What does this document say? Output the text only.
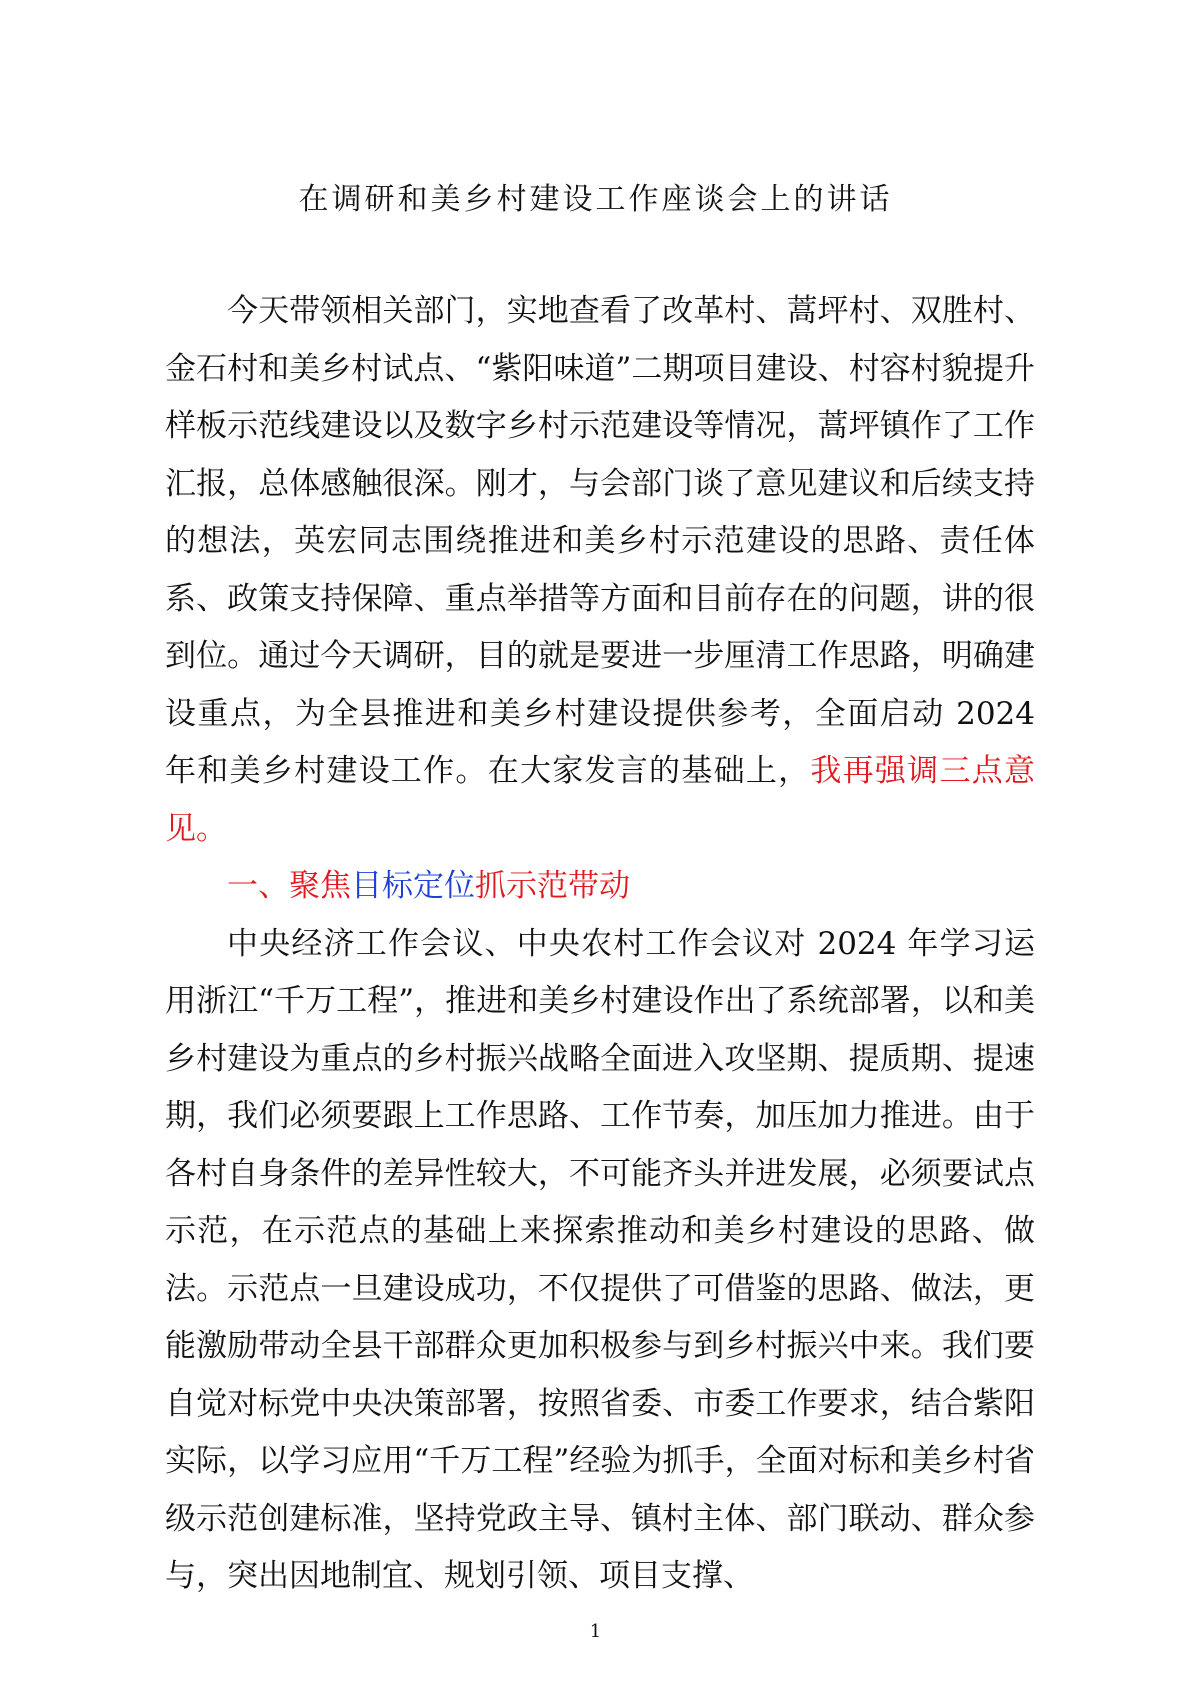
在调研和美乡村建设工作座谈会上的讲话

今天带领相关部门，实地查看了改革村、蒿坪村、双胜村、金石村和美乡村试点、“紫阳味道”二期项目建设、村容村貌提升样板示范线建设以及数字乡村示范建设等情况，蒿坪镇作了工作汇报，总体感触很深。刚才，与会部门谈了意见建议和后续支持的想法，英宏同志围绕推进和美乡村示范建设的思路、责任体系、政策支持保障、重点举措等方面和目前存在的问题，讲的很到位。通过今天调研，目的就是要进一步厘清工作思路，明确建设重点，为全县推进和美乡村建设提供参考，全面启动 2024 年和美乡村建设工作。在大家发言的基础上，我再强调三点意见。

一、聚焦目标定位抓示范带动

中央经济工作会议、中央农村工作会议对 2024 年学习运用浙江“千万工程”，推进和美乡村建设作出了系统部署，以和美乡村建设为重点的乡村振兴战略全面进入攻坚期、提质期、提速期，我们必须要跟上工作思路、工作节奏，加压加力推进。由于各村自身条件的差异性较大，不可能齐头并进发展，必须要试点示范，在示范点的基础上来探索推动和美乡村建设的思路、做法。示范点一旦建设成功，不仅提供了可借鉴的思路、做法，更能激励带动全县干部群众更加积极参与到乡村振兴中来。我们要自觉对标党中央决策部署，按照省委、市委工作要求，结合紫阳实际，以学习应用“千万工程”经验为抓手，全面对标和美乡村省级示范创建标准，坚持党政主导、镇村主体、部门联动、群众参与，突出因地制宜、规划引领、项目支撑、

1
